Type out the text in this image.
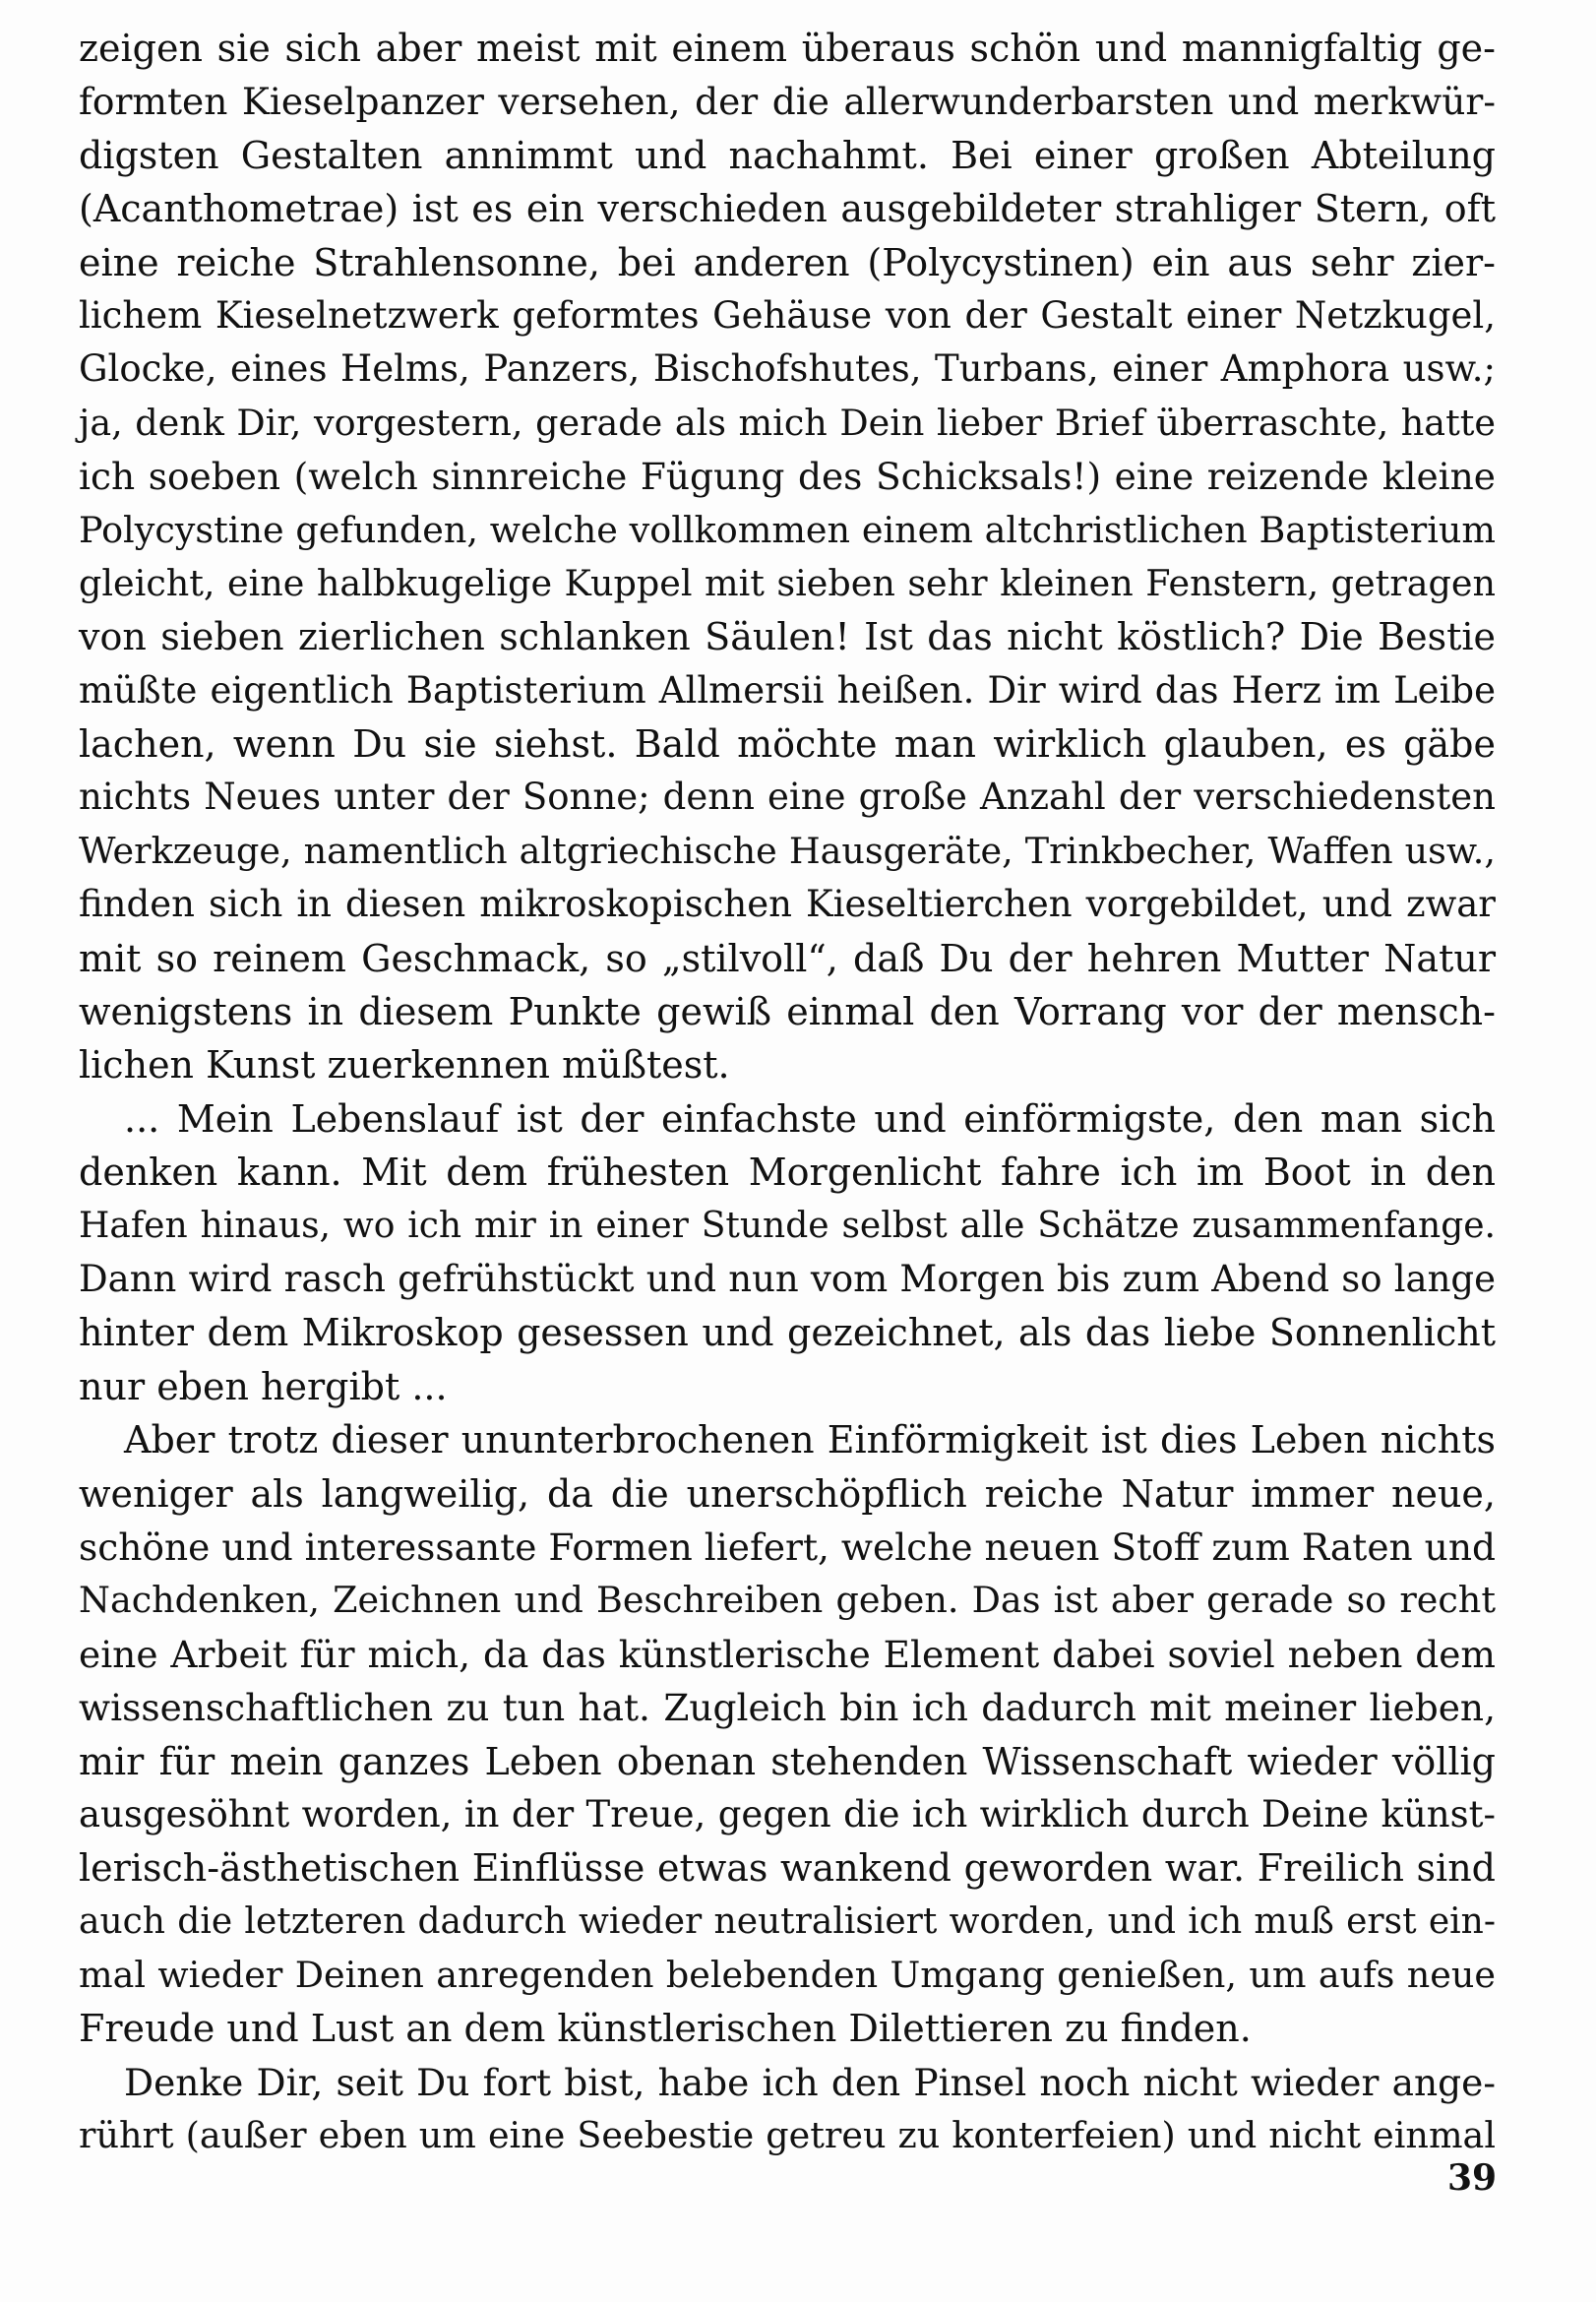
zeigen sie sich aber meist mit einem überaus schön und mannigfaltig ge-
formten Kieselpanzer versehen, der die allerwunderbarsten und merkwür-
digsten Gestalten annimmt und nachahmt. Bei einer großen Abteilung
(Acanthometrae) ist es ein verschieden ausgebildeter strahliger Stern, oft
eine reiche Strahlensonne, bei anderen (Polycystinen) ein aus sehr zier-
lichem Kieselnetzwerk geformtes Gehäuse von der Gestalt einer Netzkugel,
Glocke, eines Helms, Panzers, Bischofshutes, Turbans, einer Amphora usw.;
ja, denk Dir, vorgestern, gerade als mich Dein lieber Brief überraschte, hatte
ich soeben (welch sinnreiche Fügung des Schicksals!) eine reizende kleine
Polycystine gefunden, welche vollkommen einem altchristlichen Baptisterium
gleicht, eine halbkugelige Kuppel mit sieben sehr kleinen Fenstern, getragen
von sieben zierlichen schlanken Säulen! Ist das nicht köstlich? Die Bestie
müßte eigentlich Baptisterium Allmersii heißen. Dir wird das Herz im Leibe
lachen, wenn Du sie siehst. Bald möchte man wirklich glauben, es gäbe
nichts Neues unter der Sonne; denn eine große Anzahl der verschiedensten
Werkzeuge, namentlich altgriechische Hausgeräte, Trinkbecher, Waffen usw.,
finden sich in diesen mikroskopischen Kieseltierchen vorgebildet, und zwar
mit so reinem Geschmack, so „stilvoll“, daß Du der hehren Mutter Natur
wenigstens in diesem Punkte gewiß einmal den Vorrang vor der mensch-
lichen Kunst zuerkennen müßtest.
... Mein Lebenslauf ist der einfachste und einförmigste, den man sich
denken kann. Mit dem frühesten Morgenlicht fahre ich im Boot in den
Hafen hinaus, wo ich mir in einer Stunde selbst alle Schätze zusammenfange.
Dann wird rasch gefrühstückt und nun vom Morgen bis zum Abend so lange
hinter dem Mikroskop gesessen und gezeichnet, als das liebe Sonnenlicht
nur eben hergibt ...
Aber trotz dieser ununterbrochenen Einförmigkeit ist dies Leben nichts
weniger als langweilig, da die unerschöpflich reiche Natur immer neue,
schöne und interessante Formen liefert, welche neuen Stoff zum Raten und
Nachdenken, Zeichnen und Beschreiben geben. Das ist aber gerade so recht
eine Arbeit für mich, da das künstlerische Element dabei soviel neben dem
wissenschaftlichen zu tun hat. Zugleich bin ich dadurch mit meiner lieben,
mir für mein ganzes Leben obenan stehenden Wissenschaft wieder völlig
ausgesöhnt worden, in der Treue, gegen die ich wirklich durch Deine künst-
lerisch-ästhetischen Einflüsse etwas wankend geworden war. Freilich sind
auch die letzteren dadurch wieder neutralisiert worden, und ich muß erst ein-
mal wieder Deinen anregenden belebenden Umgang genießen, um aufs neue
Freude und Lust an dem künstlerischen Dilettieren zu finden.
Denke Dir, seit Du fort bist, habe ich den Pinsel noch nicht wieder ange-
rührt (außer eben um eine Seebestie getreu zu konterfeien) und nicht einmal
39
